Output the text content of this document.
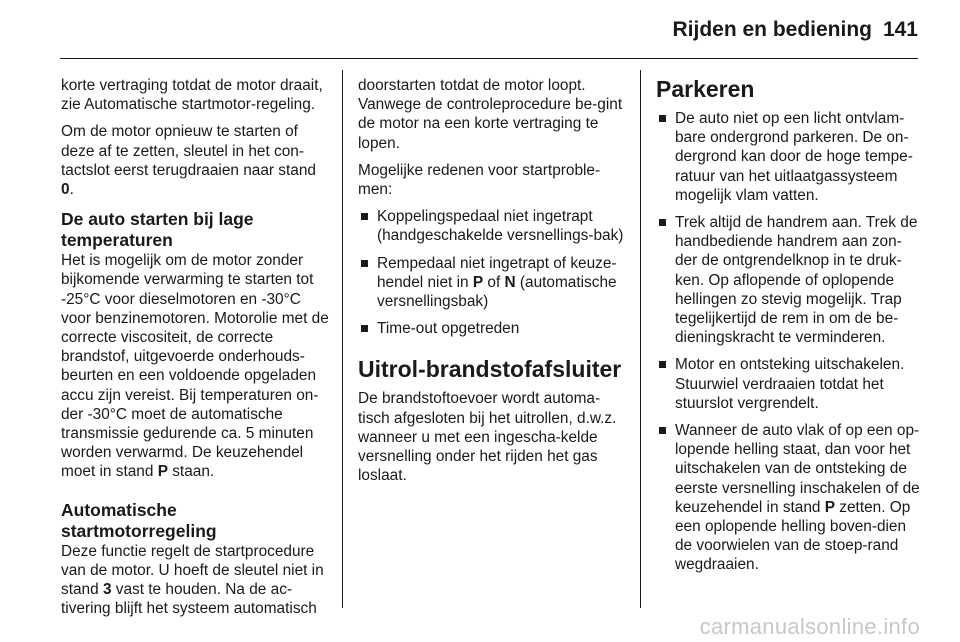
Rijden en bediening 141

korte vertraging totdat de motor draait, zie Automatische startmotor-regeling.

Om de motor opnieuw te starten of deze af te zetten, sleutel in het con-tactslot eerst terugdraaien naar stand 0.

De auto starten bij lage temperaturen

Het is mogelijk om de motor zonder bijkomende verwarming te starten tot -25°C voor dieselmotoren en -30°C voor benzinemotoren. Motorolie met de correcte viscositeit, de correcte brandstof, uitgevoerde onderhouds-beurten en een voldoende opgeladen accu zijn vereist. Bij temperaturen on-der -30°C moet de automatische transmissie gedurende ca. 5 minuten worden verwarmd. De keuzehendel moet in stand P staan.

Automatische startmotorregeling

Deze functie regelt de startprocedure van de motor. U hoeft de sleutel niet in stand 3 vast te houden. Na de ac-tivering blijft het systeem automatisch

doorstarten totdat de motor loopt. Vanwege de controleprocedure be-gint de motor na een korte vertraging te lopen.

Mogelijke redenen voor startproble-men:

Koppelingspedaal niet ingetrapt (handgeschakelde versnellings-bak)
Rempedaal niet ingetrapt of keuze-hendel niet in P of N (automatische versnellingsbak)
Time-out opgetreden
Uitrol-brandstofafsluiter

De brandstoftoevoer wordt automa-tisch afgesloten bij het uitrollen, d.w.z. wanneer u met een ingescha-kelde versnelling onder het rijden het gas loslaat.

Parkeren
De auto niet op een licht ontvlam-bare ondergrond parkeren. De on-dergrond kan door de hoge tempe-ratuur van het uitlaatgassysteem mogelijk vlam vatten.
Trek altijd de handrem aan. Trek de handbediende handrem aan zon-der de ontgrendelknop in te druk-ken. Op aflopende of oplopende hellingen zo stevig mogelijk. Trap tegelijkertijd de rem in om de be-dieningskracht te verminderen.
Motor en ontsteking uitschakelen. Stuurwiel verdraaien totdat het stuurslot vergrendelt.
Wanneer de auto vlak of op een op-lopende helling staat, dan voor het uitschakelen van de ontsteking de eerste versnelling inschakelen of de keuzehendel in stand P zetten. Op een oplopende helling boven-dien de voorwielen van de stoep-rand wegdraaien.
carmanualsonline.info
